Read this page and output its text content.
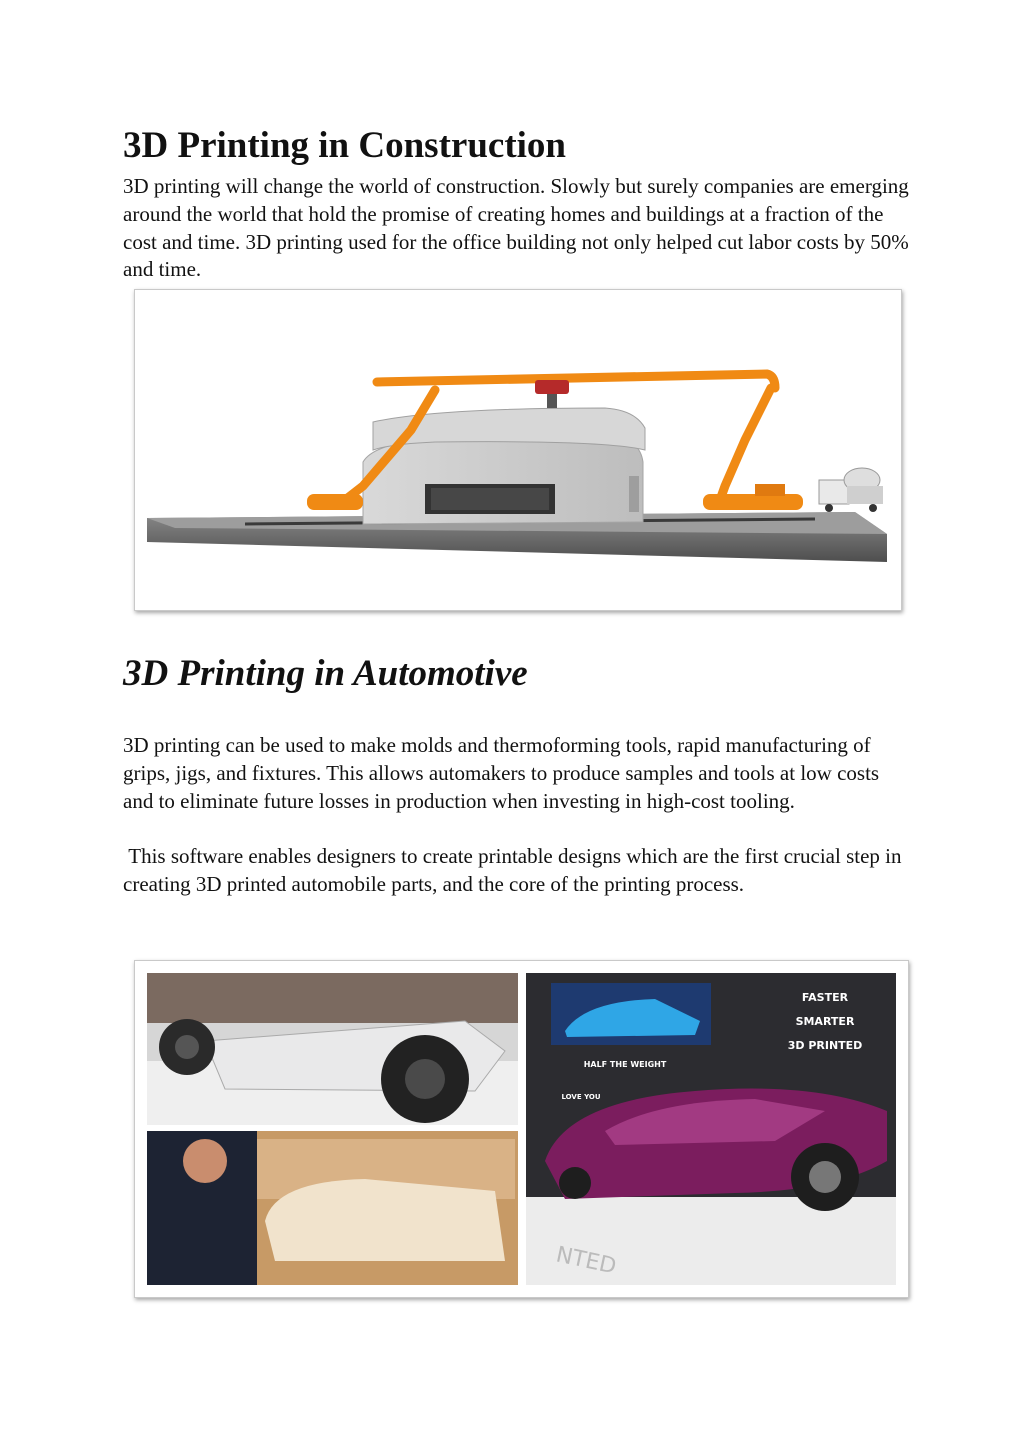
3D Printing in Construction

3D printing will change the world of construction. Slowly but surely companies are emerging around the world that hold the promise of creating homes and buildings at a fraction of the cost and time. 3D printing used for the office building not only helped cut labor costs by 50% and time.

3D Printing in Automotive

3D printing can be used to make molds and thermoforming tools, rapid manufacturing of grips, jigs, and fixtures. This allows automakers to produce samples and tools at low costs and to eliminate future losses in production when investing in high-cost tooling.

This software enables designers to create printable designs which are the first crucial step in creating 3D printed automobile parts, and the core of the printing process.

FASTER
SMARTER
3D PRINTED
HALF THE WEIGHT
LOVE YOU
NTED
